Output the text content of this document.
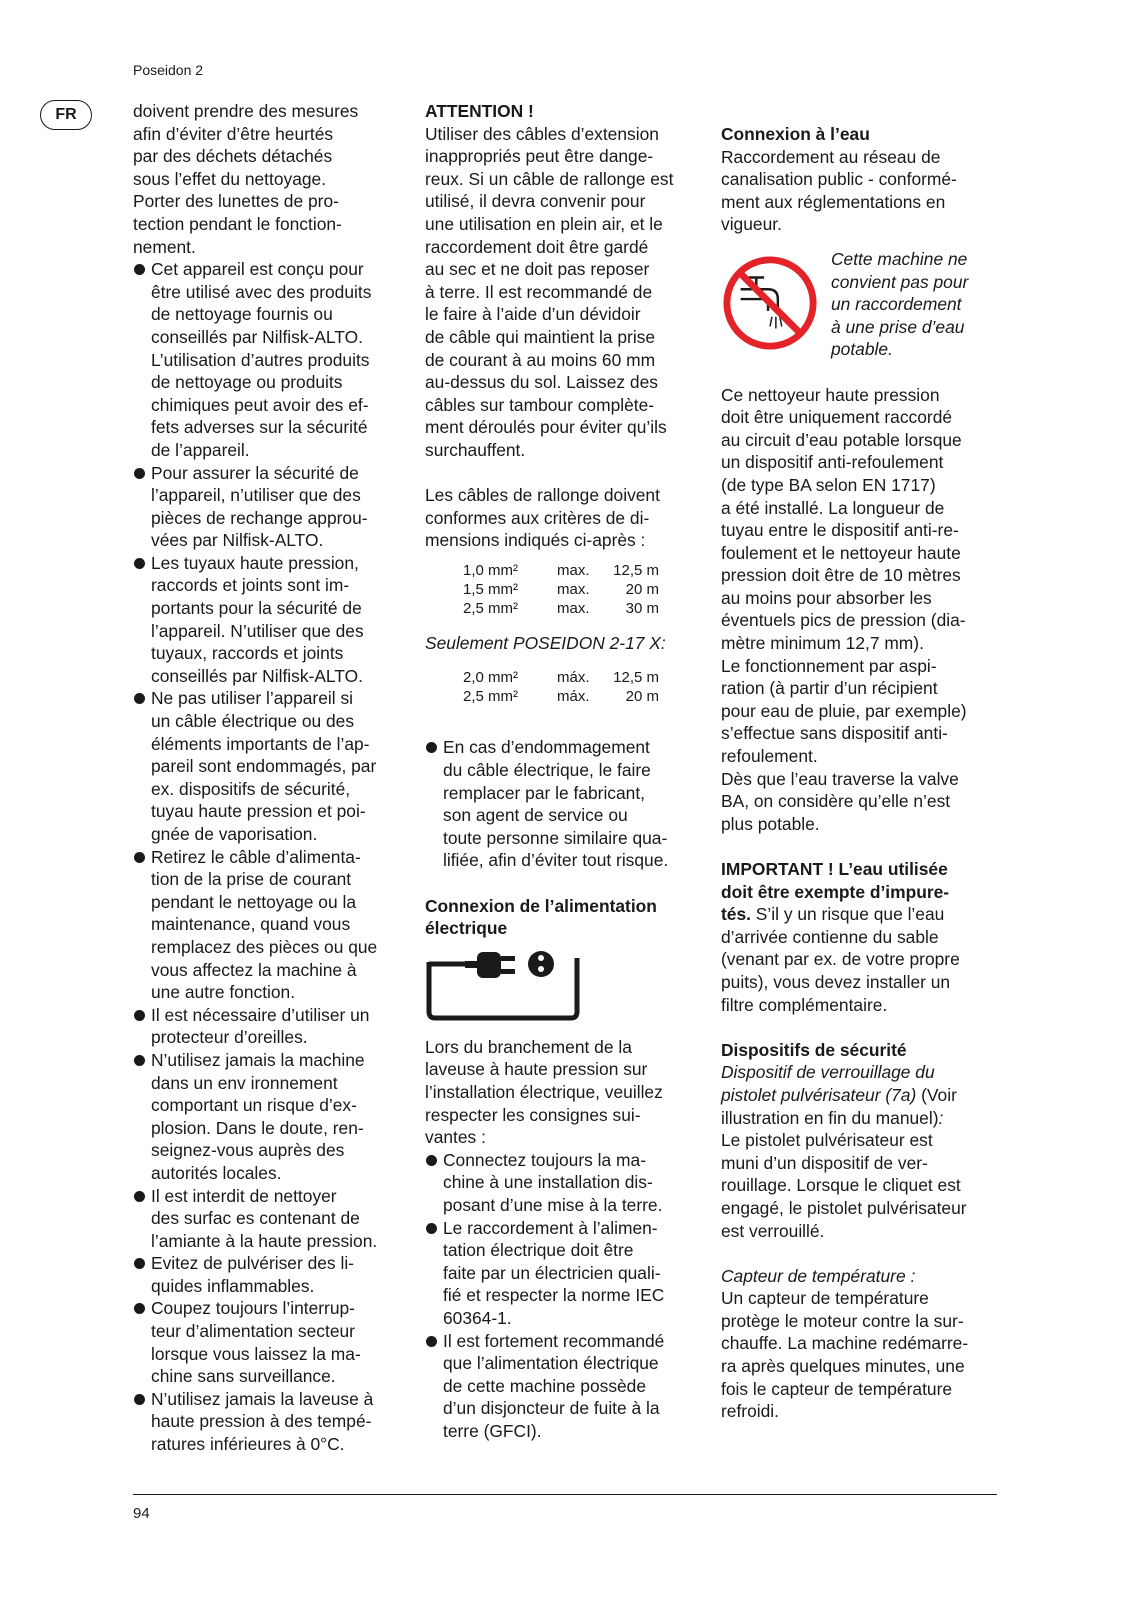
Poseidon 2
FR	doivent prendre des mesures
afin d’éviter d’être heurtés
par des déchets détachés
sous l’effet du nettoyage.
Porter des lunettes de pro-
tection pendant le fonction-
nement.

Cet appareil est conçu pour
être utilisé avec des produits
de nettoyage fournis ou
conseillés par Nilfisk-ALTO.
L’utilisation d’autres produits
de nettoyage ou produits
chimiques peut avoir des ef-
fets adverses sur la sécurité
de l’appareil.
Pour assurer la sécurité de
l’appareil, n’utiliser que des
pièces de rechange approu-
vées par Nilfisk-ALTO.
Les tuyaux haute pression,
raccords et joints sont im-
portants pour la sécurité de
l’appareil. N’utiliser que des
tuyaux, raccords et joints
conseillés par Nilfisk-ALTO.
Ne pas utiliser l’appareil si
un câble électrique ou des
éléments importants de l’ap-
pareil sont endommagés, par
ex. dispositifs de sécurité,
tuyau haute pression et poi-
gnée de vaporisation.
Retirez le câble d’alimenta-
tion de la prise de courant
pendant le nettoyage ou la
maintenance, quand vous
remplacez des pièces ou que
vous affectez la machine à
une autre fonction.
Il est nécessaire d’utiliser un
protecteur d’oreilles.
N’utilisez jamais la machine
dans un env ironnement
comportant un risque d’ex-
plosion. Dans le doute, ren-
seignez-vous auprès des
autorités locales.
Il est interdit de nettoyer
des surfac es contenant de
l’amiante à la haute pression.
Evitez de pulvériser des li-
quides inflammables.
Coupez toujours l’interrup-
teur d’alimentation secteur
lorsque vous laissez la ma-
chine sans surveillance.
N’utilisez jamais la laveuse à
haute pression à des tempé-
ratures inférieures à 0°C.

ATTENTION !

Utiliser des câbles d’extension
inappropriés peut être dange-
reux. Si un câble de rallonge est
utilisé, il devra convenir pour
une utilisation en plein air, et le
raccordement doit être gardé
au sec et ne doit pas reposer
à terre. Il est recommandé de
le faire à l’aide d’un dévidoir
de câble qui maintient la prise
de courant à au moins 60 mm
au-dessus du sol. Laissez des
câbles sur tambour complète-
ment déroulés pour éviter qu’ils
surchauffent.

Les câbles de rallonge doivent
conformes aux critères de di-
mensions indiqués ci-après :

1,0 mm²	max.	12,5 m
1,5 mm²	max.	20 m
2,5 mm²	max.	30 m

Seulement POSEIDON 2-17 X:

2,0 mm²	máx.	12,5 m
2,5 mm²	máx.	20 m
En cas d’endommagement
du câble électrique, le faire
remplacer par le fabricant,
son agent de service ou
toute personne similaire qua-
lifiée, afin d’éviter tout risque.

Connexion de l’alimentation
électrique

Lors du branchement de la
laveuse à haute pression sur
l’installation électrique, veuillez
respecter les consignes sui-
vantes :

Connectez toujours la ma-
chine à une installation dis-
posant d’une mise à la terre.
Le raccordement à l’alimen-
tation électrique doit être
faite par un électricien quali-
fié et respecter la norme IEC
60364-1.
Il est fortement recommandé
que l’alimentation électrique
de cette machine possède
d’un disjoncteur de fuite à la
terre (GFCI).

Connexion à l’eau

Raccordement au réseau de
canalisation public - conformé-
ment aux réglementations en
vigueur.

Cette machine ne
convient pas pour
un raccordement
à une prise d’eau
potable.

Ce nettoyeur haute pression
doit être uniquement raccordé
au circuit d’eau potable lorsque
un dispositif anti-refoulement
(de type BA selon EN 1717)
a été installé. La longueur de
tuyau entre le dispositif anti-re-
foulement et le nettoyeur haute
pression doit être de 10 mètres
au moins pour absorber les
éventuels pics de pression (dia-
mètre minimum 12,7 mm).
Le fonctionnement par aspi-
ration (à partir d’un récipient
pour eau de pluie, par exemple)
s’effectue sans dispositif anti-
refoulement.
Dès que l’eau traverse la valve
BA, on considère qu’elle n’est
plus potable.

IMPORTANT ! L’eau utilisée
doit être exempte d’impure-
tés. S’il y un risque que l’eau
d’arrivée contienne du sable
(venant par ex. de votre propre
puits), vous devez installer un
filtre complémentaire.

Dispositifs de sécurité

Dispositif de verrouillage du
pistolet pulvérisateur (7a) (Voir
illustration en fin du manuel):
Le pistolet pulvérisateur est
muni d’un dispositif de ver-
rouillage. Lorsque le cliquet est
engagé, le pistolet pulvérisateur
est verrouillé.

Capteur de température :

Un capteur de température
protège le moteur contre la sur-
chauffe. La machine redémarre-
ra après quelques minutes, une
fois le capteur de température
refroidi.

94
